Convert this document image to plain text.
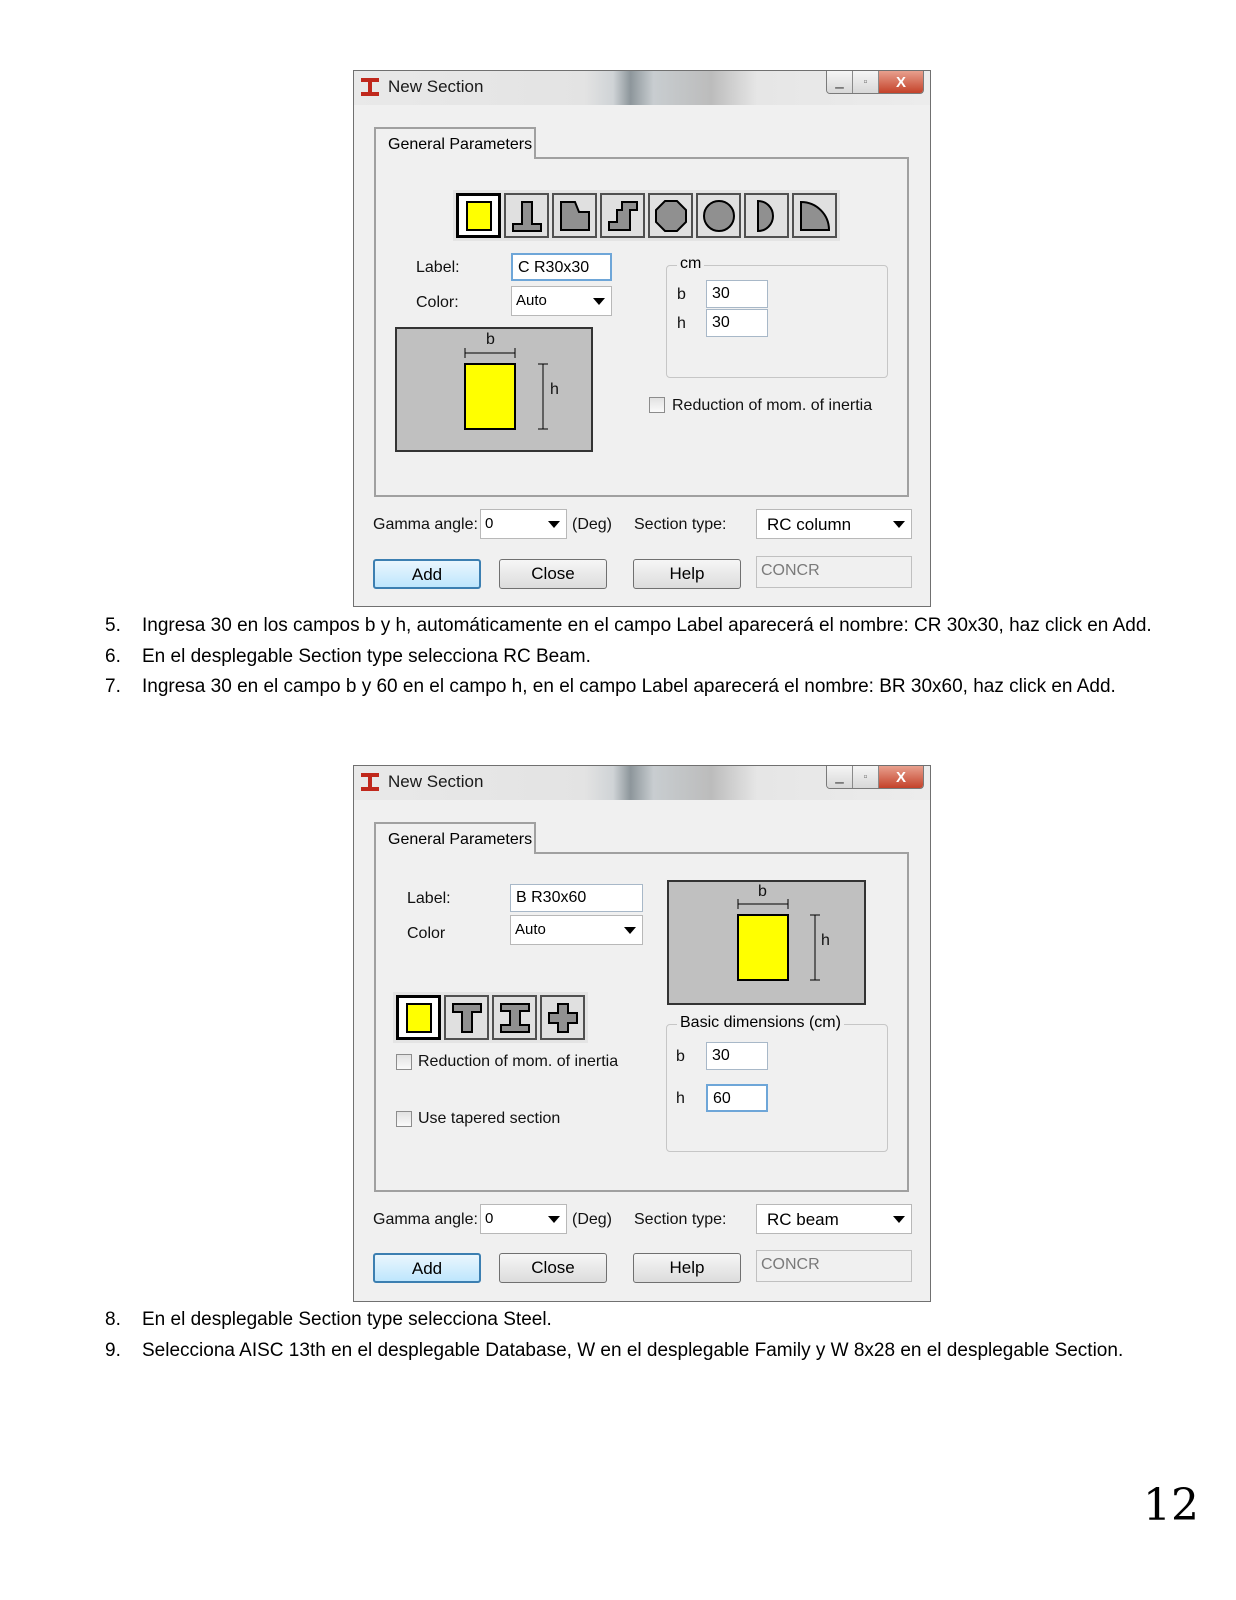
New Section	▁	▫	X
General Parameters
Label:	C R30x30
Color:	Auto
b
h
cm
b	30
h	30
Reduction of mom. of inertia
Gamma angle: 0	(Deg) Section type:	RC column
Add	Close	Help	CONCR
5. Ingresa 30 en los campos b y h, automáticamente en el campo Label aparecerá el nombre: CR 30x30, haz click en Add.
6. En el desplegable Section type selecciona RC Beam.
7. Ingresa 30 en el campo b y 60 en el campo h, en el campo Label aparecerá el nombre: BR 30x60, haz click en Add.
New Section	▁	▫	X
General Parameters
Label:	B R30x60
Color	Auto
b
h
Reduction of mom. of inertia
Use tapered section
Basic dimensions (cm)
b	30
h	60
Gamma angle: 0	(Deg) Section type:	RC beam
Add	Close	Help	CONCR
8. En el desplegable Section type selecciona Steel.
9. Selecciona AISC 13th en el desplegable Database, W en el desplegable Family y W 8x28 en el desplegable Section.
12
